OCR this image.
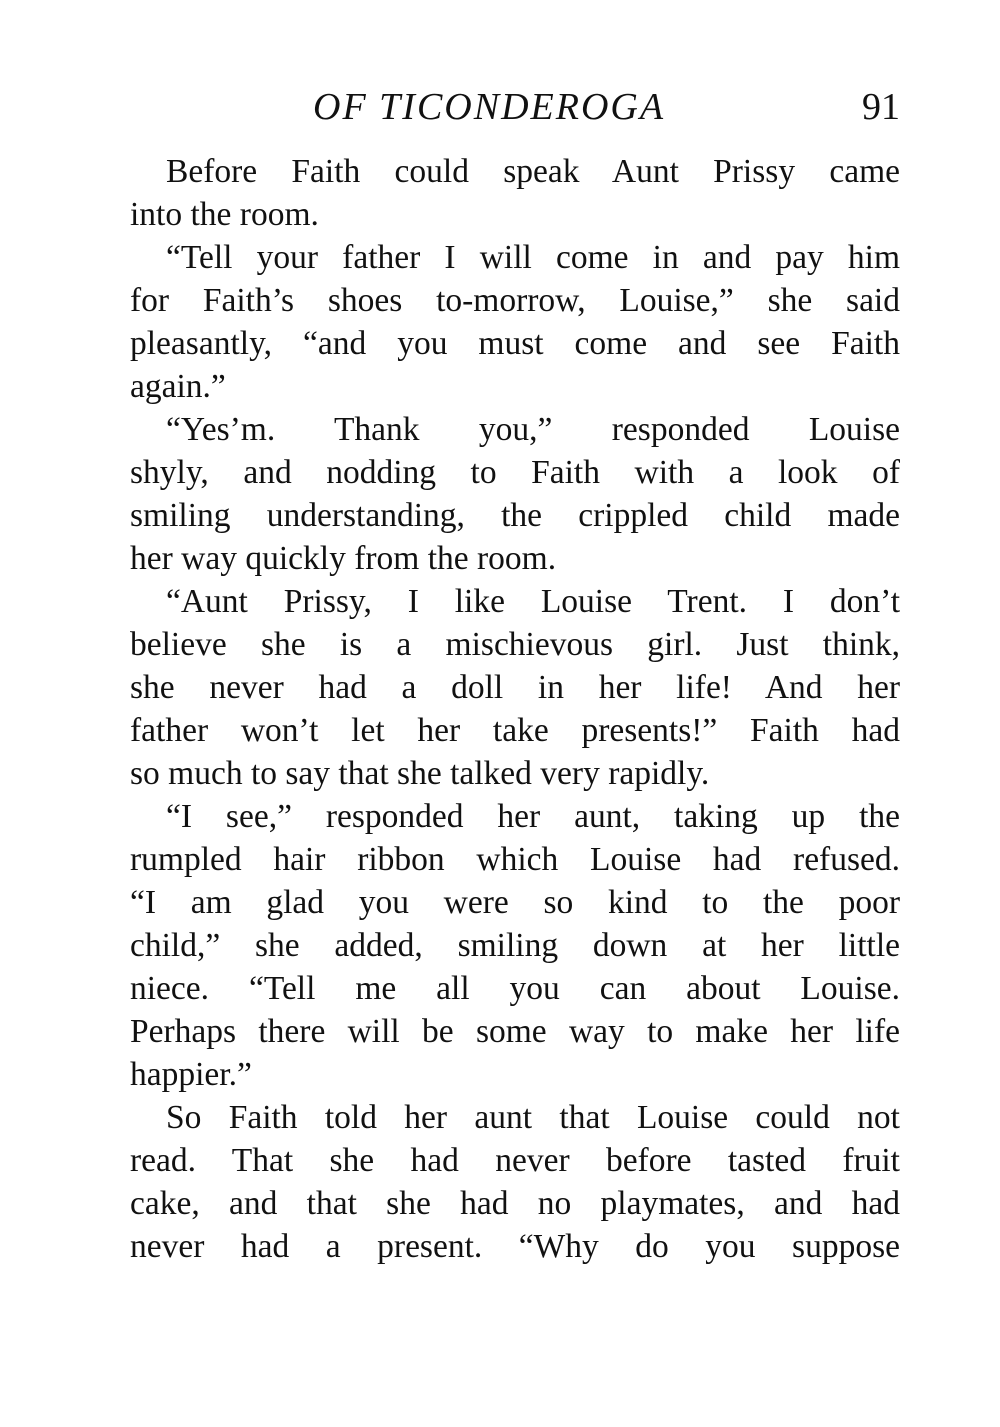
OF TICONDEROGA	91
Before Faith could speak Aunt Prissy came
into the room.
“Tell your father I will come in and pay him
for Faith’s shoes to-morrow, Louise,” she said
pleasantly, “and you must come and see Faith
again.”
“Yes’m. Thank you,” responded Louise
shyly, and nodding to Faith with a look of
smiling understanding, the crippled child made
her way quickly from the room.
“Aunt Prissy, I like Louise Trent. I don’t
believe she is a mischievous girl. Just think,
she never had a doll in her life! And her
father won’t let her take presents!” Faith had
so much to say that she talked very rapidly.
“I see,” responded her aunt, taking up the
rumpled hair ribbon which Louise had refused.
“I am glad you were so kind to the poor
child,” she added, smiling down at her little
niece. “Tell me all you can about Louise.
Perhaps there will be some way to make her life
happier.”
So Faith told her aunt that Louise could not
read. That she had never before tasted fruit
cake, and that she had no playmates, and had
never had a present. “Why do you suppose
